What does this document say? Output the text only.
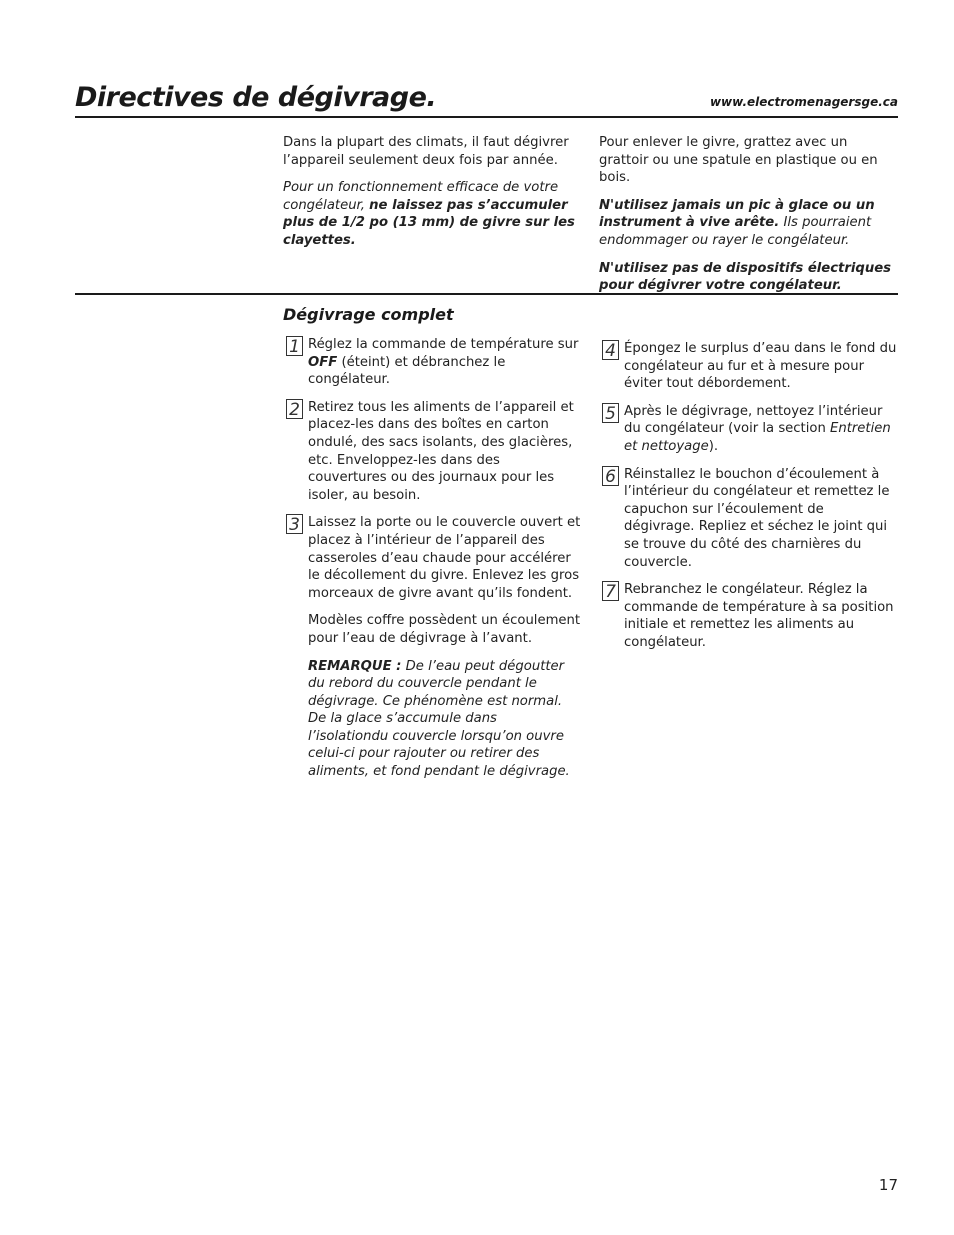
Directives de dégivrage.	www.electromenagersge.ca

Dans la plupart des climats, il faut dégivrer l’appareil seulement deux fois par année.

Pour un fonctionnement efficace de votre congélateur, ne laissez pas s’accumuler plus de 1/2 po (13 mm) de givre sur les clayettes.

Pour enlever le givre, grattez avec un grattoir ou une spatule en plastique ou en bois.

N'utilisez jamais un pic à glace ou un instrument à vive arête. Ils pourraient endommager ou rayer le congélateur.

N'utilisez pas de dispositifs électriques pour dégivrer votre congélateur.

Dégivrage complet
1 Réglez la commande de température sur OFF (éteint) et débranchez le congélateur.

2 Retirez tous les aliments de l’appareil et placez-les dans des boîtes en carton ondulé, des sacs isolants, des glacières, etc. Enveloppez-les dans des couvertures ou des journaux pour les isoler, au besoin.

3 Laissez la porte ou le couvercle ouvert et placez à l’intérieur de l’appareil des casseroles d’eau chaude pour accélérer le décollement du givre. Enlevez les gros morceaux de givre avant qu’ils fondent.

Modèles coffre possèdent un écoulement pour l’eau de dégivrage à l’avant.

REMARQUE : De l’eau peut dégoutter du rebord du couvercle pendant le dégivrage. Ce phénomène est normal. De la glace s’accumule dans l’isolationdu couvercle lorsqu’on ouvre celui-ci pour rajouter ou retirer des aliments, et fond pendant le dégivrage.

4 Épongez le surplus d’eau dans le fond du congélateur au fur et à mesure pour éviter tout débordement.

5 Après le dégivrage, nettoyez l’intérieur du congélateur (voir la section Entretien et nettoyage).

6 Réinstallez le bouchon d’écoulement à l’intérieur du congélateur et remettez le capuchon sur l’écoulement de dégivrage. Repliez et séchez le joint qui se trouve du côté des charnières du couvercle.

7 Rebranchez le congélateur. Réglez la commande de température à sa position initiale et remettez les aliments au congélateur.

17
